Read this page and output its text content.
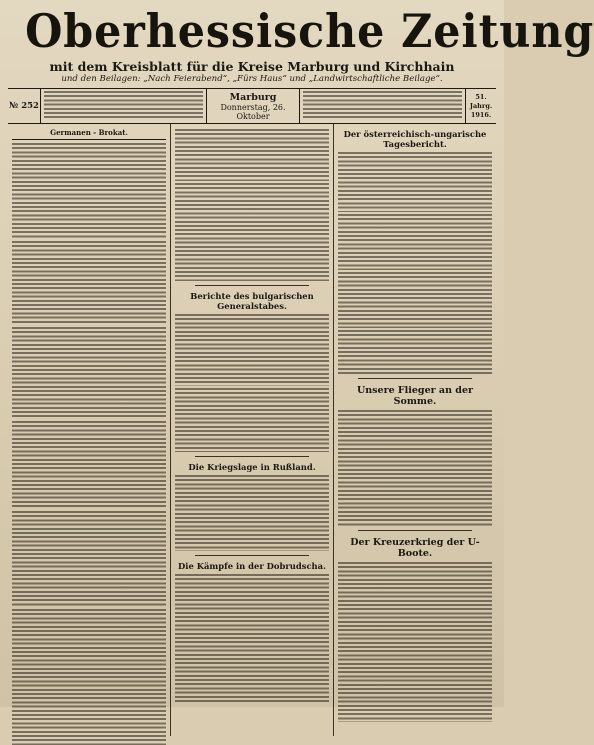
Oberhessische Zeitung
mit dem Kreisblatt für die Kreise Marburg und Kirchhain
und den Beilagen: „Nach Feierabend“, „Fürs Haus“ und „Landwirtschaftliche Beilage“.
№ 252
Marburg
Donnerstag, 26. Oktober
51. Jahrg.
1916.
Germanen - Brokat.
Berichte des bulgarischen Generalstabes.
Die Kriegslage in Rußland.
Die Kämpfe in der Dobrudscha.
Der österreichisch-ungarische Tagesbericht.
Unsere Flieger an der Somme.
Der Kreuzerkrieg der U-Boote.
